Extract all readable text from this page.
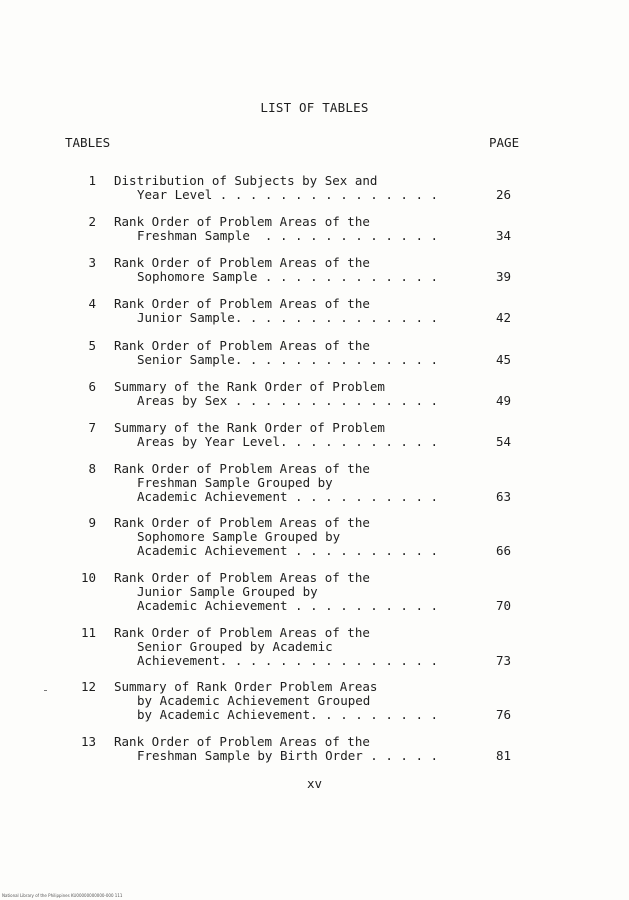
LIST OF TABLES
TABLES	PAGE
1 Distribution of Subjects by Sex and
Year Level . . . . . . . . . . . . . . .	26
2 Rank Order of Problem Areas of the
Freshman Sample  . . . . . . . . . . . .	34
3 Rank Order of Problem Areas of the
Sophomore Sample . . . . . . . . . . . .	39
4 Rank Order of Problem Areas of the
Junior Sample. . . . . . . . . . . . . .	42
5 Rank Order of Problem Areas of the
Senior Sample. . . . . . . . . . . . . .	45
6 Summary of the Rank Order of Problem
Areas by Sex . . . . . . . . . . . . . .	49
7 Summary of the Rank Order of Problem
Areas by Year Level. . . . . . . . . . .	54
8 Rank Order of Problem Areas of the
Freshman Sample Grouped by
Academic Achievement . . . . . . . . . .	63
9 Rank Order of Problem Areas of the
Sophomore Sample Grouped by
Academic Achievement . . . . . . . . . .	66
10 Rank Order of Problem Areas of the
Junior Sample Grouped by
Academic Achievement . . . . . . . . . .	70
11 Rank Order of Problem Areas of the
Senior Grouped by Academic
Achievement. . . . . . . . . . . . . . .	73
12 Summary of Rank Order Problem Areas
by Academic Achievement Grouped
by Academic Achievement. . . . . . . . .	76
13 Rank Order of Problem Areas of the
Freshman Sample by Birth Order . . . . .	81
xv
National Library of the Philippines KU00000000000-000 111
